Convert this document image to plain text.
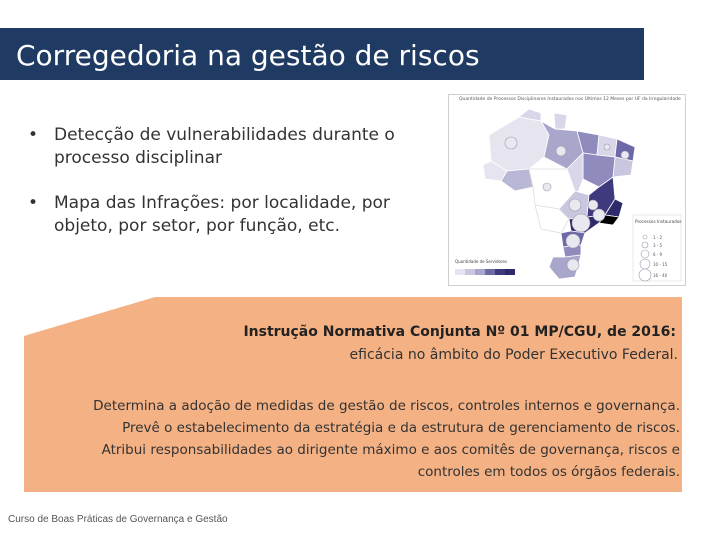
Corregedoria na gestão de riscos
• Detecção de vulnerabilidades durante o processo disciplinar
• Mapa das Infrações: por localidade, por objeto, por setor, por função, etc.
Quantidade de Processos Disciplinares Instaurados nos Últimos 12 Meses por UF da Irregularidade
Processos Instaurados
1 - 2
3 - 5
6 - 9
10 - 15
16 - 40
Quantidade de Servidores
Instrução Normativa Conjunta Nº 01 MP/CGU, de 2016:
eficácia no âmbito do Poder Executivo Federal.
Determina a adoção de medidas de gestão de riscos, controles internos e governança.
Prevê o estabelecimento da estratégia e da estrutura de gerenciamento de riscos.
Atribui responsabilidades ao dirigente máximo e aos comitês de governança, riscos e
controles em todos os órgãos federais.
Curso de Boas Práticas de Governança e Gestão
